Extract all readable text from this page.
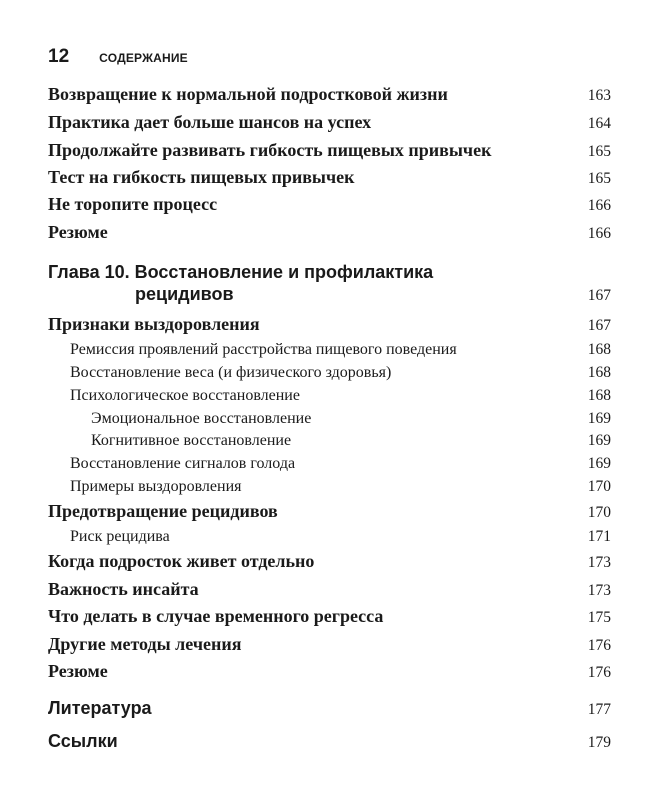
12	СОДЕРЖАНИЕ
Возвращение к нормальной подростковой жизни	163
Практика дает больше шансов на успех	164
Продолжайте развивать гибкость пищевых привычек	165
Тест на гибкость пищевых привычек	165
Не торопите процесс	166
Резюме	166
Глава 10. Восстановление и профилактика
рецидивов	167
Признаки выздоровления	167
Ремиссия проявлений расстройства пищевого поведения	168
Восстановление веса (и физического здоровья)	168
Психологическое восстановление	168
Эмоциональное восстановление	169
Когнитивное восстановление	169
Восстановление сигналов голода	169
Примеры выздоровления	170
Предотвращение рецидивов	170
Риск рецидива	171
Когда подросток живет отдельно	173
Важность инсайта	173
Что делать в случае временного регресса	175
Другие методы лечения	176
Резюме	176
Литература	177
Ссылки	179
